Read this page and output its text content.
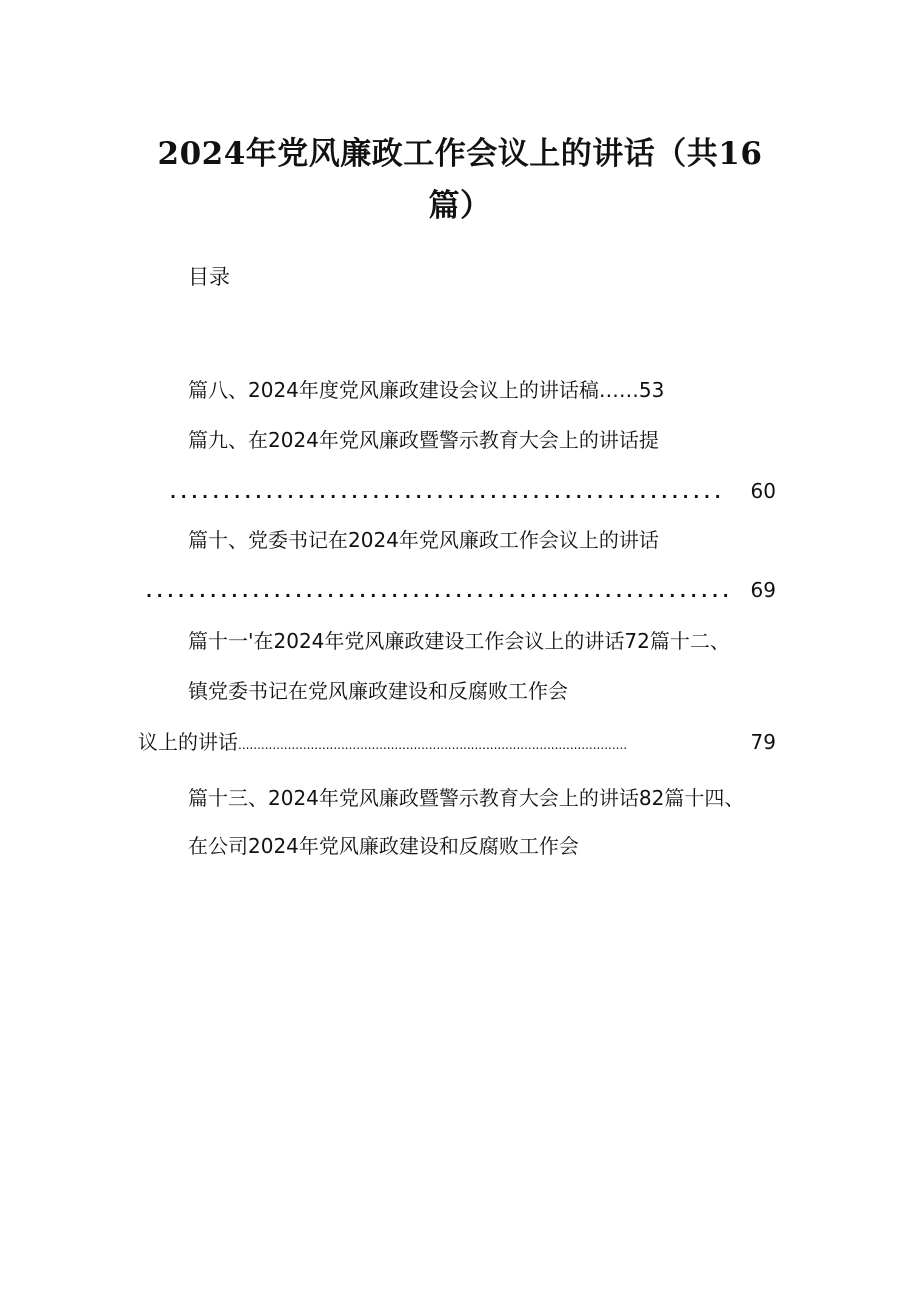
2024年党风廉政工作会议上的讲话（共16
篇）
目录
篇八、2024年度党风廉政建设会议上的讲话稿……53
篇九、在2024年党风廉政暨警示教育大会上的讲话提
....................................................	60
篇十、党委书记在2024年党风廉政工作会议上的讲话
....................................................... 69
篇十一'在2024年党风廉政建设工作会议上的讲话72篇十二、
镇党委书记在党风廉政建设和反腐败工作会
议上的讲话 ......................................................................................................	79
篇十三、2024年党风廉政暨警示教育大会上的讲话82篇十四、
在公司2024年党风廉政建设和反腐败工作会
